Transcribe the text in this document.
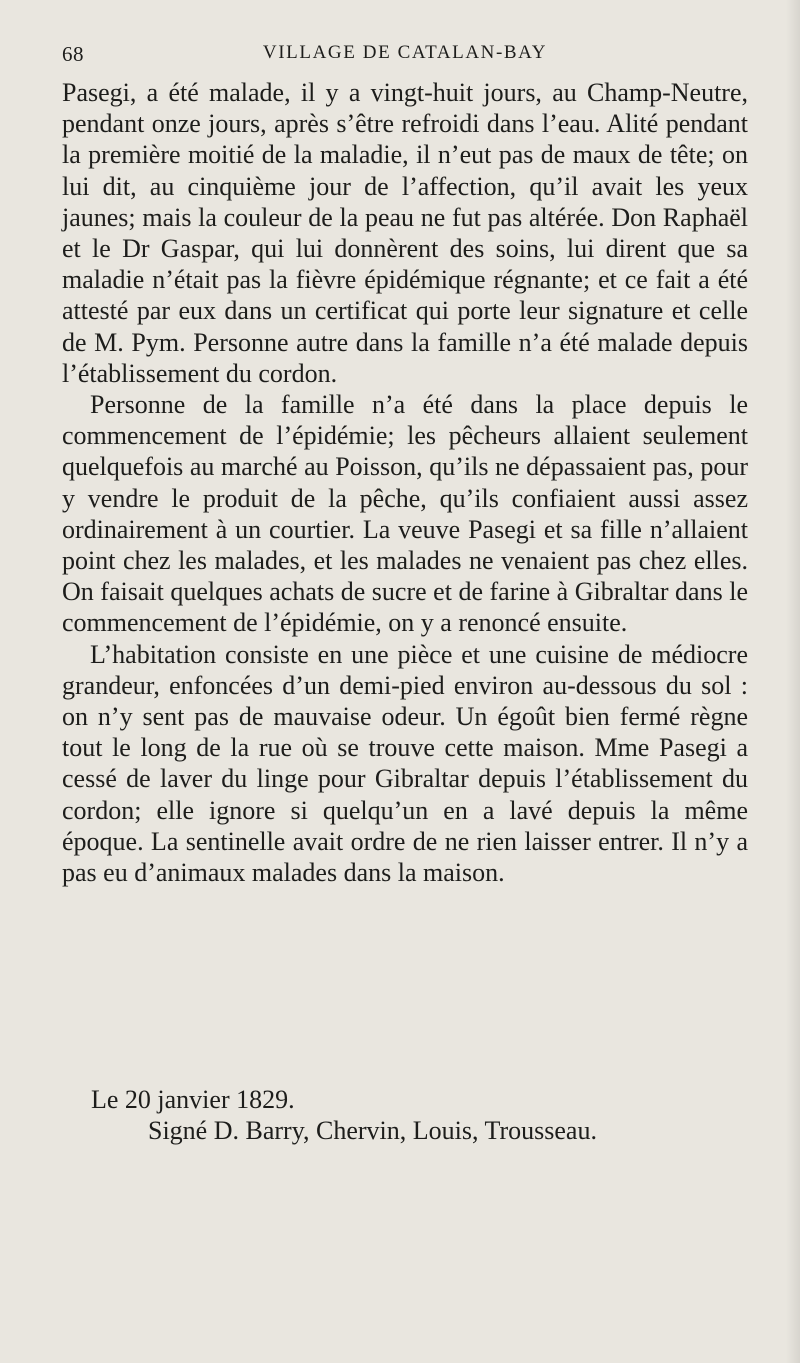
68	VILLAGE DE CATALAN-BAY

Pasegi, a été malade, il y a vingt-huit jours, au Champ-Neutre, pendant onze jours, après s’être refroidi dans l’eau. Alité pendant la première moitié de la maladie, il n’eut pas de maux de tête; on lui dit, au cinquième jour de l’affection, qu’il avait les yeux jaunes; mais la couleur de la peau ne fut pas altérée. Don Raphaël et le Dr Gaspar, qui lui donnèrent des soins, lui dirent que sa maladie n’était pas la fièvre épidémique régnante; et ce fait a été attesté par eux dans un certificat qui porte leur signature et celle de M. Pym. Personne autre dans la famille n’a été malade depuis l’établissement du cordon.

Personne de la famille n’a été dans la place depuis le commencement de l’épidémie; les pêcheurs allaient seulement quelquefois au marché au Poisson, qu’ils ne dépassaient pas, pour y vendre le produit de la pêche, qu’ils confiaient aussi assez ordinairement à un courtier. La veuve Pasegi et sa fille n’allaient point chez les malades, et les malades ne venaient pas chez elles. On faisait quelques achats de sucre et de farine à Gibraltar dans le commencement de l’épidémie, on y a renoncé ensuite.

L’habitation consiste en une pièce et une cuisine de médiocre grandeur, enfoncées d’un demi-pied environ au-dessous du sol : on n’y sent pas de mauvaise odeur. Un égoût bien fermé règne tout le long de la rue où se trouve cette maison. Mme Pasegi a cessé de laver du linge pour Gibraltar depuis l’établissement du cordon; elle ignore si quelqu’un en a lavé depuis la même époque. La sentinelle avait ordre de ne rien laisser entrer. Il n’y a pas eu d’animaux malades dans la maison.

Le 20 janvier 1829.
Signé D. Barry, Chervin, Louis, Trousseau.
